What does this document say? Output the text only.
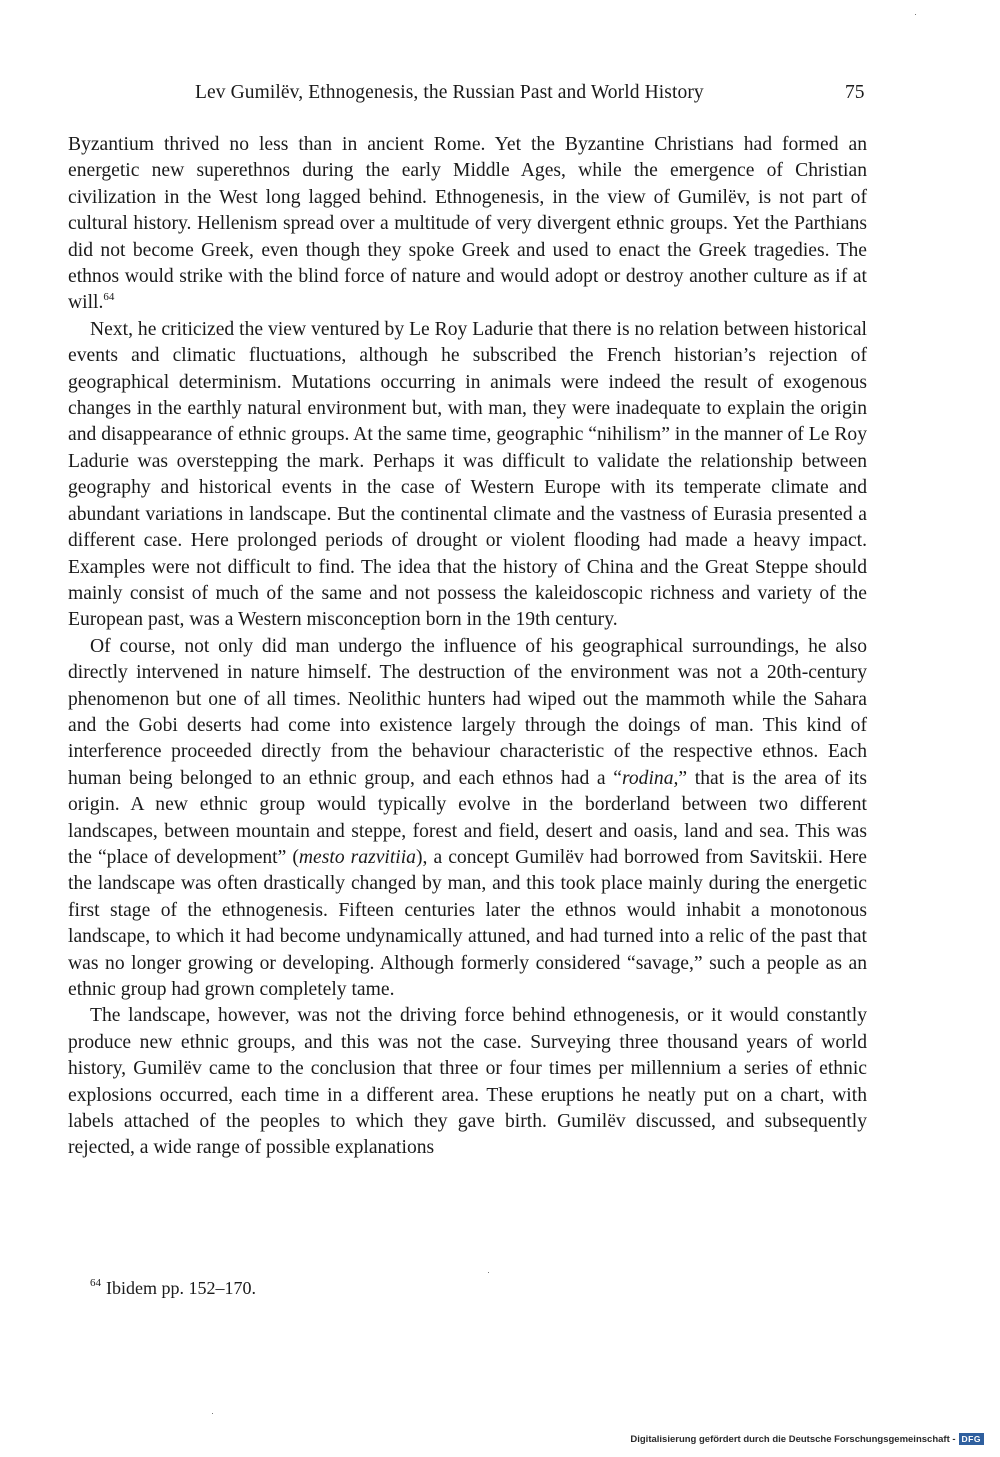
Lev Gumilëv, Ethnogenesis, the Russian Past and World History	75

Byzantium thrived no less than in ancient Rome. Yet the Byzantine Christians had formed an energetic new superethnos during the early Middle Ages, while the emergence of Christian civilization in the West long lagged behind. Ethnogenesis, in the view of Gumilëv, is not part of cultural history. Hellenism spread over a multitude of very divergent ethnic groups. Yet the Parthians did not become Greek, even though they spoke Greek and used to enact the Greek tragedies. The ethnos would strike with the blind force of nature and would adopt or destroy another culture as if at will.$^{64}$

Next, he criticized the view ventured by Le Roy Ladurie that there is no relation between historical events and climatic fluctuations, although he subscribed the French historian’s rejection of geographical determinism. Mutations occurring in animals were indeed the result of exogenous changes in the earthly natural environment but, with man, they were inadequate to explain the origin and disappearance of ethnic groups. At the same time, geographic “nihilism” in the manner of Le Roy Ladurie was overstepping the mark. Perhaps it was difficult to validate the relationship between geography and historical events in the case of Western Europe with its temperate climate and abundant variations in landscape. But the continental climate and the vastness of Eurasia presented a different case. Here prolonged periods of drought or violent flooding had made a heavy impact. Examples were not difficult to find. The idea that the history of China and the Great Steppe should mainly consist of much of the same and not possess the kaleidoscopic richness and variety of the European past, was a Western misconception born in the 19th century.

Of course, not only did man undergo the influence of his geographical surroundings, he also directly intervened in nature himself. The destruction of the environment was not a 20th-century phenomenon but one of all times. Neolithic hunters had wiped out the mammoth while the Sahara and the Gobi deserts had come into existence largely through the doings of man. This kind of interference proceeded directly from the behaviour characteristic of the respective ethnos. Each human being belonged to an ethnic group, and each ethnos had a “rodina,” that is the area of its origin. A new ethnic group would typically evolve in the borderland between two different landscapes, between mountain and steppe, forest and field, desert and oasis, land and sea. This was the “place of development” (mesto razvitiia), a concept Gumilëv had borrowed from Savitskii. Here the landscape was often drastically changed by man, and this took place mainly during the energetic first stage of the ethnogenesis. Fifteen centuries later the ethnos would inhabit a monotonous landscape, to which it had become undynamically attuned, and had turned into a relic of the past that was no longer growing or developing. Although formerly considered “savage,” such a people as an ethnic group had grown completely tame.

The landscape, however, was not the driving force behind ethnogenesis, or it would constantly produce new ethnic groups, and this was not the case. Surveying three thousand years of world history, Gumilëv came to the conclusion that three or four times per millennium a series of ethnic explosions occurred, each time in a different area. These eruptions he neatly put on a chart, with labels attached of the peoples to which they gave birth. Gumilëv discussed, and subsequently rejected, a wide range of possible explanations

$^{64}$ Ibidem pp. 152–170.
Digitalisierung gefördert durch die Deutsche Forschungsgemeinschaft - DFG
